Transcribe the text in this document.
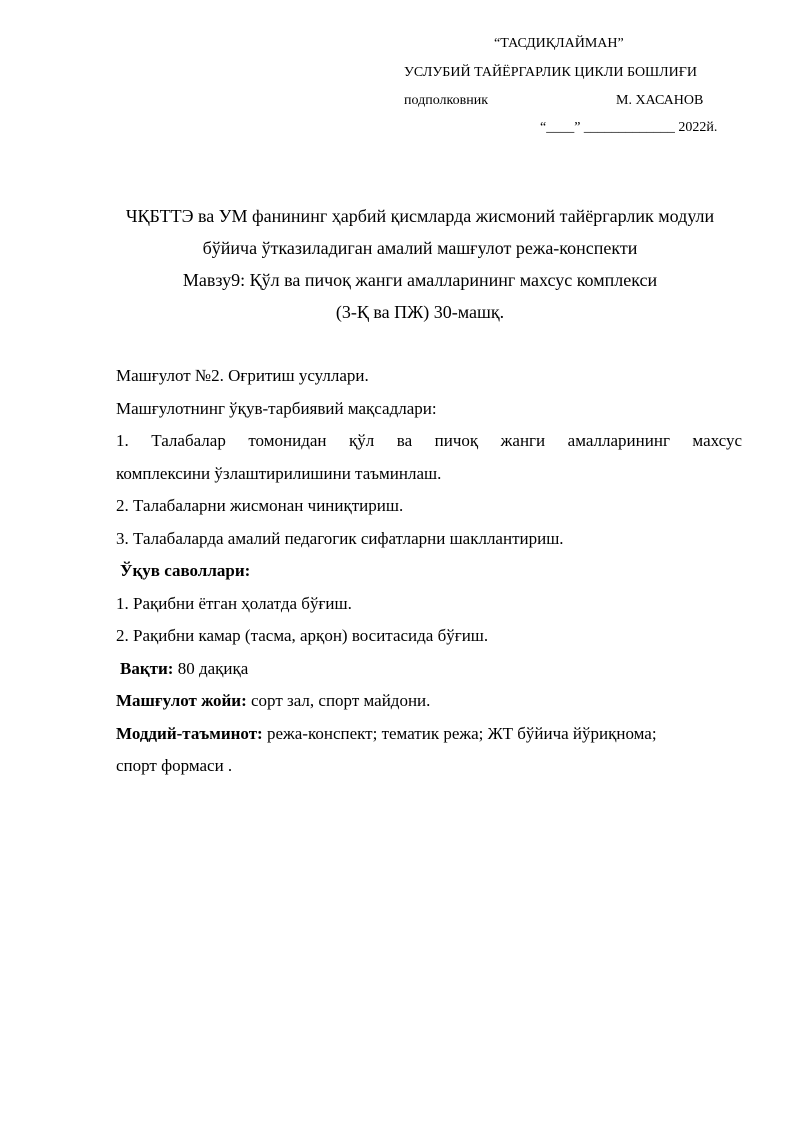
“ТАСДИҚЛАЙМАН”
УСЛУБИЙ ТАЙЁРГАРЛИК ЦИКЛИ БОШЛИҒИ
подполковник	М. ХАСАНОВ
“____” _____________ 2022й.
ЧҚБТТЭ ва УМ фанининг ҳарбий қисмларда жисмоний тайёргарлик модули
бўйича ўтказиладиган амалий машғулот режа-конспекти
Мавзу9: Қўл ва пичоқ жанги амалларининг махсус комплекси
(3-Қ ва ПЖ) 30-машқ.

Машғулот №2. Оғритиш усуллари.

Машғулотнинг ўқув-тарбиявий мақсадлари:

1. Талабалар томонидан қўл ва пичоқ жанги амалларининг махсус

комплексини ўзлаштирилишини таъминлаш.

2. Талабаларни жисмонан чиниқтириш.

3. Талабаларда амалий педагогик сифатларни шакллантириш.

Ўқув саволлари:

1. Рақибни ётган ҳолатда бўғиш.

2. Рақибни камар (тасма, арқон) воситасида бўғиш.

Вақти: 80 дақиқа

Машғулот жойи: сорт зал, спорт майдони.

Моддий-таъминот: режа-конспект; тематик режа; ЖТ бўйича йўриқнома;

спорт формаси .
